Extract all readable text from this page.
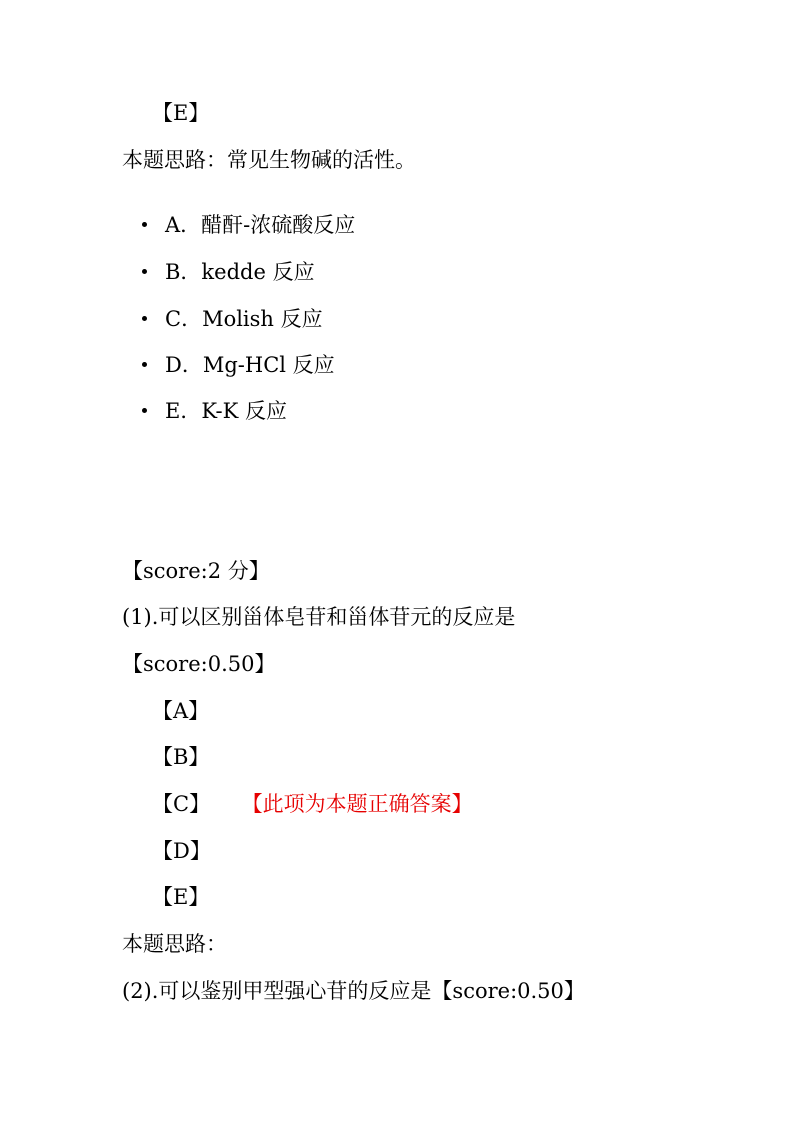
【E】
本题思路：常见生物碱的活性。
A．醋酐-浓硫酸反应
B．kedde 反应
C．Molish 反应
D．Mg-HCl 反应
E．K-K 反应
【score:2 分】
(1).可以区别甾体皂苷和甾体苷元的反应是
【score:0.50】
【A】
【B】
【C】 【此项为本题正确答案】
【D】
【E】
本题思路：
(2).可以鉴别甲型强心苷的反应是【score:0.50】
